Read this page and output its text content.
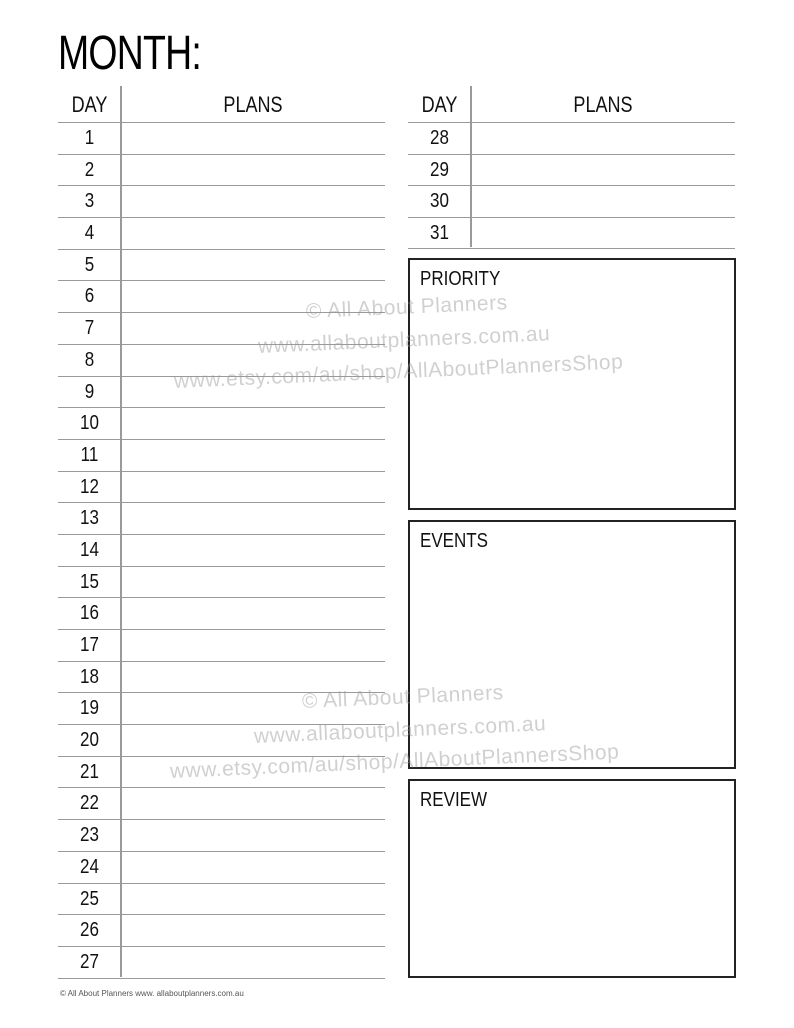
MONTH:
DAY	PLANS
1
2
3
4
5
6
7
8
9
10
11
12
13
14
15
16
17
18
19
20
21
22
23
24
25
26
27
DAY	PLANS
28
29
30
31
PRIORITY
EVENTS
REVIEW
© All About Planners
www.allaboutplanners.com.au
www.etsy.com/au/shop/AllAboutPlannersShop
© All About Planners
www.allaboutplanners.com.au
www.etsy.com/au/shop/AllAboutPlannersShop
© All About Planners www. allaboutplanners.com.au
